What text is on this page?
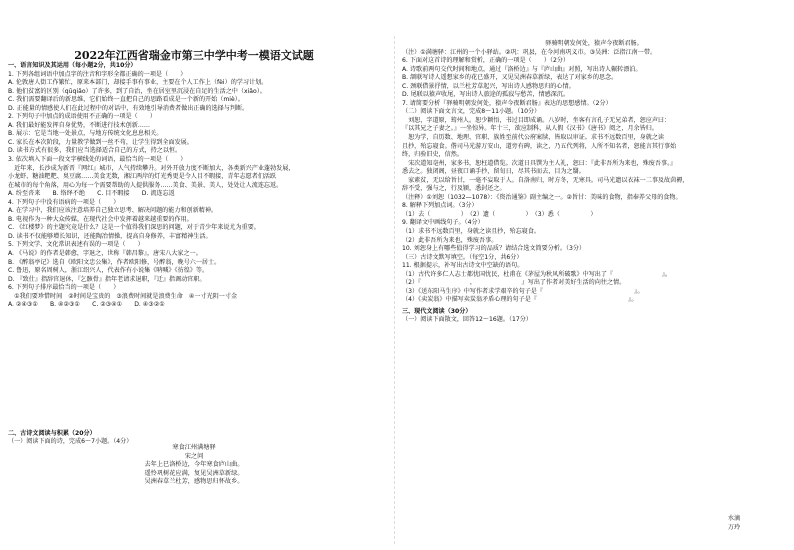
2022年江西省瑞金市第三中学中考一模语文试题

一、语言知识及其运用（每小题2分，共10分）

1. 下列各组词语中加点字的注音和字形全都正确的一项是（　　）

A. 伦敦唐人街工作繁忙，原来本部门，却接手事有事业，主要在个人工作上（fèi）的学习计划。

B. 他们贫富的区别（qūqiǎo）了许多，到了自治，坐在居室里沉浸在自足的生活之中（xiǎo）。

C. 我们需要翻译后的新思维，它们始终一直把自己的思路看成是一个新的开始（miè）。

D. 正能量的情感使人们在此过程中的对话中，有效地引导消费者做出正确的选择与判断。

2. 下列句子中加点的成语使用不正确的一项是（　　）

A. 我们最好能发挥自身优势，不断进行技术创新……

B. 展示：它是当地一处景点，与地方传统文化息息相关。

C. 家长在本次阶段，力量教学做到一丝不苟，让学生得到全面发展。

D. 读书方式有很多，我们应当选择适合自己的方式，持之以恒。

3. 依次填入下面一段文字横线处的词语，最恰当的一项是（　　）

　近年来，长沙成为新晋『网红』城市，人气持续攀升。对外开放力度不断加大，各类新兴产业蓬勃发展，

小龙虾、糖油粑粑、臭豆腐……美食无数，湘江两岸的灯光秀更是令人目不暇接，青年志愿者们活跃

在城市的每个角落，用心为每一个需要帮助的人提供服务……美食、美景、美人，处处让人流连忘返。

A. 纷至沓来　　B. 络绎不绝　　C. 目不暇接　　D. 流连忘返

4. 下列句子中没有语病的一项是（　　）

A. 在学习中，我们应该注意培养自己独立思考、解决问题的能力和创新精神。

B. 电视作为一种大众传媒，在现代社会中发挥着越来越重要的作用。

C. 《红楼梦》的主题究竟是什么？这是一个值得我们深思的问题，对于青少年来说尤为重要。

D. 读书不仅能够增长知识，还能陶冶情操，提高自身修养，丰富精神生活。

5. 下列文学、文化常识表述有误的一项是（　　）

A. 《马说》的作者是韩愈，字退之，世称『韩昌黎』，唐宋八大家之一。

B. 《醉翁亭记》选自《欧阳文忠公集》，作者欧阳修，号醉翁，晚号六一居士。

C. 鲁迅，原名周树人，浙江绍兴人，代表作有小说集《呐喊》《彷徨》等。

D. 『致仕』指辞官退休，『乞骸骨』指年老请求退职，『迁』指调动官职。

6. 下列句子排序最恰当的一项是（　　）

　①我们要珍惜时间　②时间是宝贵的　③浪费时间就是浪费生命　④一寸光阴一寸金

A. ②④③①　　B. ④②③①　　C. ②③④①　　D. ④③②①

二、古诗文阅读与积累（20分）

（一）阅读下面的诗，完成6～7小题。（4分）

寒食江州满塘驿
宋之问
去年上巳洛桥边，今年寒食庐山曲。
遥怜巩树花应满，复见吴洲草新绿。
吴洲春草兰杜芳，感物思归怀故乡。

驿骑明朝发何处，猿声今夜断君肠。

（注）①满塘驿：江州的一个小驿站。②巩：巩县，在今河南巩义市。③吴洲：泛指江南一带。

6. 下面对这首诗的理解和赏析，正确的一项是（　　）（2分）

A. 诗歌前两句交代时间和地点，通过『洛桥边』与『庐山曲』对照，写出诗人辗转漂泊。

B. 颔联写诗人遥想家乡的花已盛开，又见吴洲春草新绿，表达了对家乡的思念。

C. 颈联借景抒情，以兰杜芳草起兴，写出诗人感物思归的心情。

D. 尾联以猿声收尾，写出诗人旅途的孤寂与愁苦，情感深沉。

7. 请简要分析『驿骑明朝发何处，猿声今夜断君肠』表达的思想感情。（2分）

（二）阅读下面文言文，完成8～11小题。（10分）

　刘恕，字道原，筠州人。恕少颖悟，书过目即成诵。八岁时，坐客有言孔子无兄弟者，恕应声曰：

『以其兄之子妻之。』一坐惊异。年十三，欲应制科，从人假《汉书》《唐书》阅之，月余皆归。

　恕为学，自历数、地理、官职、族姓至前代公府案牍，皆取以审证。求书不远数百里，身就之读

且抄，殆忘寝食。偕司马光游万安山，道旁有碑，读之，乃五代列将，人所不知名者，恕能言其行事始

终，归验旧史，信然。

　宋次道知亳州，家多书，恕枉道借览。次道日具馔为主人礼，恕曰：『此非吾所为来也，殊废吾事。』

悉去之。独闭阁，昼夜口诵手抄，留旬日，尽其书而去，目为之翳。

　家素贫，无以给旨甘，一毫不妄取于人。自洛南归，时方冬，无寒具。司马光遗以衣袜一二事及故茵褥，

辞不受，强与之，行及颍，悉封还之。

（注释）①刘恕（1032—1078）：《资治通鉴》副主编之一。②旨甘：美味的食物，指奉养父母的食物。

8. 解释下列加点词。（3分）

（1）去（　　　　　）　（2）遗（　　　　　）　（3）悉（　　　　　）

9. 翻译文中画线句子。（4分）

（1）求书不远数百里，身就之读且抄，殆忘寝食。

（2）此非吾所为来也，殊废吾事。

10. 刘恕身上有哪些值得学习的品质？请结合选文简要分析。（3分）

（三）古诗文默写填空。（每空1分，共6分）

11. 根据提示，补写出古诗文中空缺的语句。

（1）古代许多仁人志士都忧国忧民，杜甫在《茅屋为秋风所破歌》中写出了『　　　　　　　　』。

（2）『　　　　　　　　，　　　　　　　　』写出了作者对美好生活的向往之情。

（3）《送东阳马生序》中写作者求学艰辛的句子是『　　　　　　　　　　　　　　　』。

（4）《卖炭翁》中描写卖炭翁矛盾心理的句子是『　　　　　　　　　　　　　　　』。

三、现代文阅读（30分）

（一）阅读下面散文，回答12～16题。（17分）

水滴
万玲
